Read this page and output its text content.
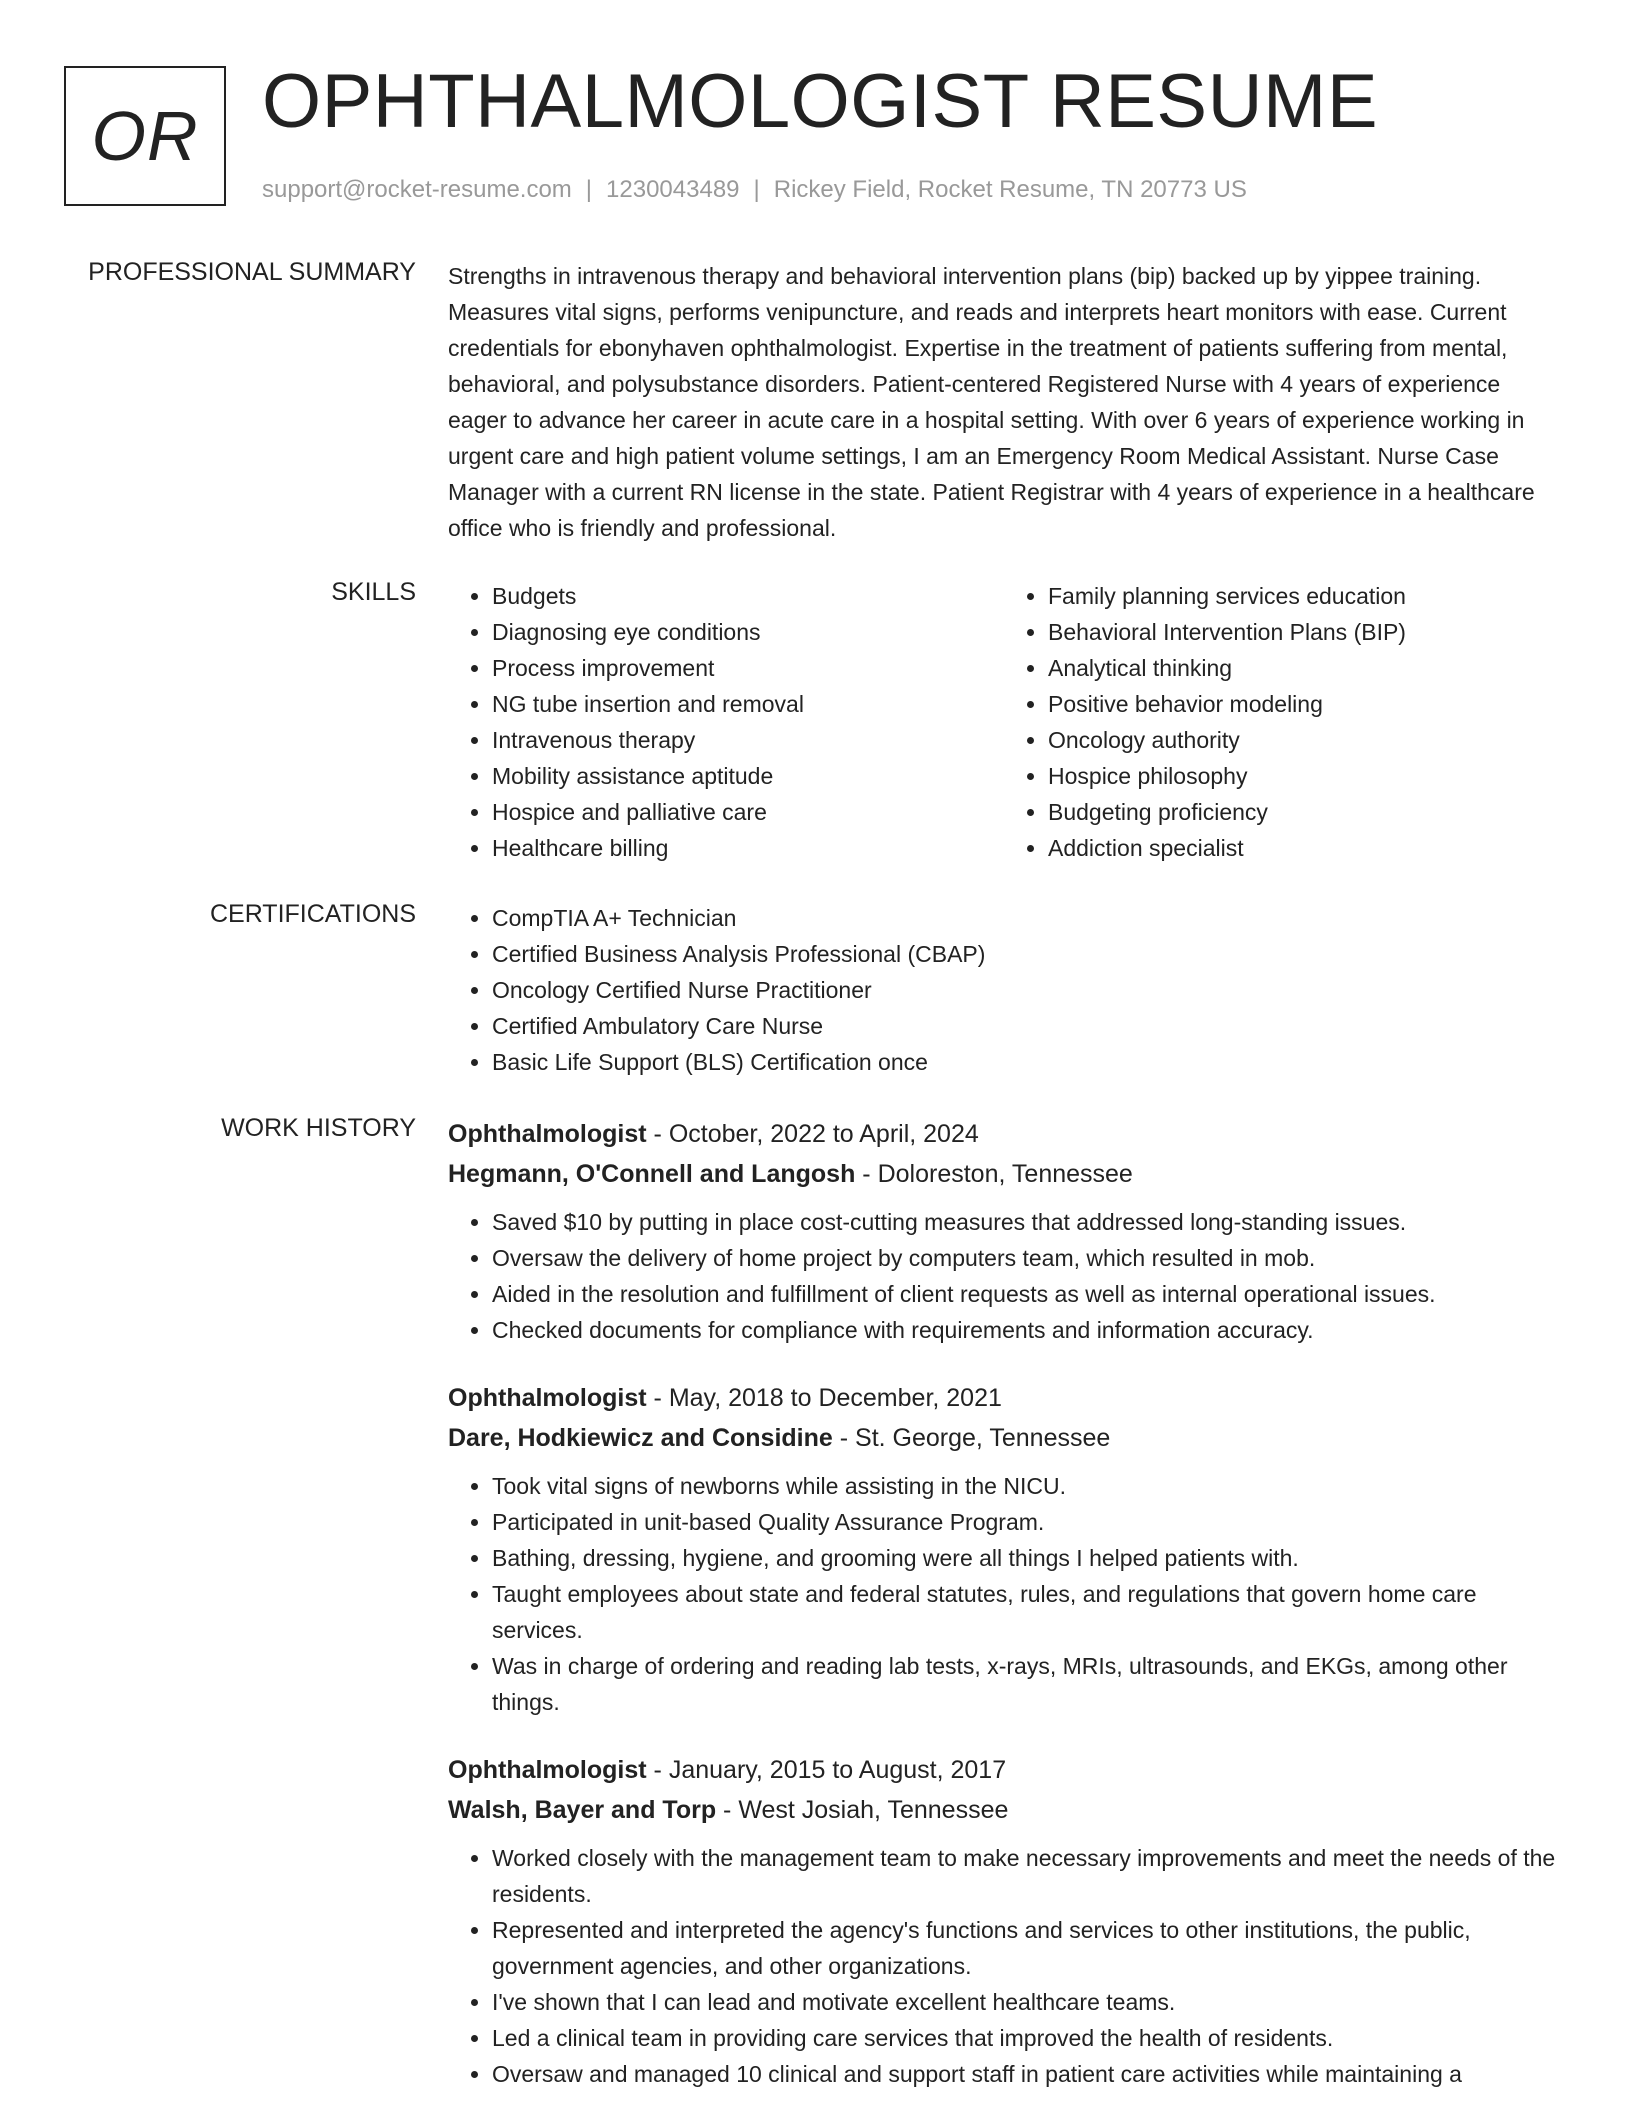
OR OPHTHALMOLOGIST RESUME
support@rocket-resume.com | 1230043489 | Rickey Field, Rocket Resume, TN 20773 US
PROFESSIONAL SUMMARY Strengths in intravenous therapy and behavioral intervention plans (bip) backed up by yippee training. Measures vital signs, performs venipuncture, and reads and interprets heart monitors with ease. Current credentials for ebonyhaven ophthalmologist. Expertise in the treatment of patients suffering from mental, behavioral, and polysubstance disorders. Patient-centered Registered Nurse with 4 years of experience eager to advance her career in acute care in a hospital setting. With over 6 years of experience working in urgent care and high patient volume settings, I am an Emergency Room Medical Assistant. Nurse Case Manager with a current RN license in the state. Patient Registrar with 4 years of experience in a healthcare office who is friendly and professional.

SKILLS	• Budgets
• Diagnosing eye conditions
• Process improvement
• NG tube insertion and removal
• Intravenous therapy
• Mobility assistance aptitude
• Hospice and palliative care
• Healthcare billing
• Family planning services education
• Behavioral Intervention Plans (BIP)
• Analytical thinking
• Positive behavior modeling
• Oncology authority
• Hospice philosophy
• Budgeting proficiency
• Addiction specialist
CERTIFICATIONS	• CompTIA A+ Technician
• Certified Business Analysis Professional (CBAP)
• Oncology Certified Nurse Practitioner
• Certified Ambulatory Care Nurse
• Basic Life Support (BLS) Certification once
WORK HISTORY Ophthalmologist - October, 2022 to April, 2024
Hegmann, O'Connell and Langosh - Doloreston, Tennessee
• Saved $10 by putting in place cost-cutting measures that addressed long-standing issues.
• Oversaw the delivery of home project by computers team, which resulted in mob.
• Aided in the resolution and fulfillment of client requests as well as internal operational issues.
• Checked documents for compliance with requirements and information accuracy.
Ophthalmologist - May, 2018 to December, 2021
Dare, Hodkiewicz and Considine - St. George, Tennessee
• Took vital signs of newborns while assisting in the NICU.
• Participated in unit-based Quality Assurance Program.
• Bathing, dressing, hygiene, and grooming were all things I helped patients with.
• Taught employees about state and federal statutes, rules, and regulations that govern home care services.
• Was in charge of ordering and reading lab tests, x-rays, MRIs, ultrasounds, and EKGs, among other things.
Ophthalmologist - January, 2015 to August, 2017
Walsh, Bayer and Torp - West Josiah, Tennessee
• Worked closely with the management team to make necessary improvements and meet the needs of the residents.
• Represented and interpreted the agency's functions and services to other institutions, the public, government agencies, and other organizations.
• I've shown that I can lead and motivate excellent healthcare teams.
• Led a clinical team in providing care services that improved the health of residents.
• Oversaw and managed 10 clinical and support staff in patient care activities while maintaining a
